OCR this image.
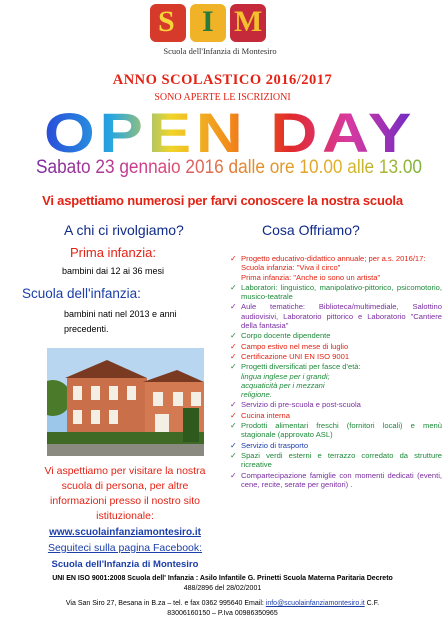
S I M
Scuola dell'Infanzia di Montesiro
ANNO SCOLASTICO 2016/2017
SONO APERTE LE ISCRIZIONI
OPEN DAY
Sabato 23 gennaio 2016 dalle ore 10.00 alle 13.00
Vi aspettiamo numerosi per farvi conoscere la nostra scuola
A chi ci rivolgiamo?
Prima infanzia:
bambini dai 12 ai 36 mesi
Scuola dell'infanzia:
bambini nati nel 2013 e anni
precedenti.
Vi aspettiamo per visitare la nostra
scuola di persona, per altre
informazioni presso il nostro sito
istituzionale:
www.scuolainfanziamontesiro.it
Seguiteci sulla pagina Facebook:
Scuola dell'Infanzia di Montesiro
Cosa Offriamo?
✓ Progetto educativo-didattico annuale; per a.s. 2016/17:
Scuola infanzia: "Viva il circo"
Prima infanzia: "Anche io sono un artista"
✓ Laboratori: linguistico, manipolativo-pittorico, psicomotorio, musico-teatrale
✓ Aule tematiche: Biblioteca/multimediale, Salottino audiovisivi, Laboratorio pittorico e Laboratorio "Cantiere della fantasia"
✓ Corpo docente dipendente
✓ Campo estivo nel mese di luglio
✓ Certificazione UNI EN ISO 9001
✓ Progetti diversificati per fasce d'età:
lingua inglese per i grandi;
acquaticità per i mezzani
religione.
✓ Servizio di pre-scuola e post-scuola
✓ Cucina interna
✓ Prodotti alimentari freschi (fornitori locali) e menù stagionale (approvato ASL)
✓ Servizio di trasporto
✓ Spazi verdi esterni e terrazzo corredato da strutture ricreative
✓ Compartecipazione famiglie con momenti dedicati (eventi, cene, recite, serate per genitori) .
UNI EN ISO 9001:2008 Scuola dell' Infanzia : Asilo Infantile G. Prinetti Scuola Materna Paritaria Decreto
488/2896 del 28/02/2001
Via San Siro 27, Besana in B.za – tel. e fax 0362 995640 Email: info@scuolainfanziamontesiro.it C.F.
83006160150 – P.Iva 00986350965
